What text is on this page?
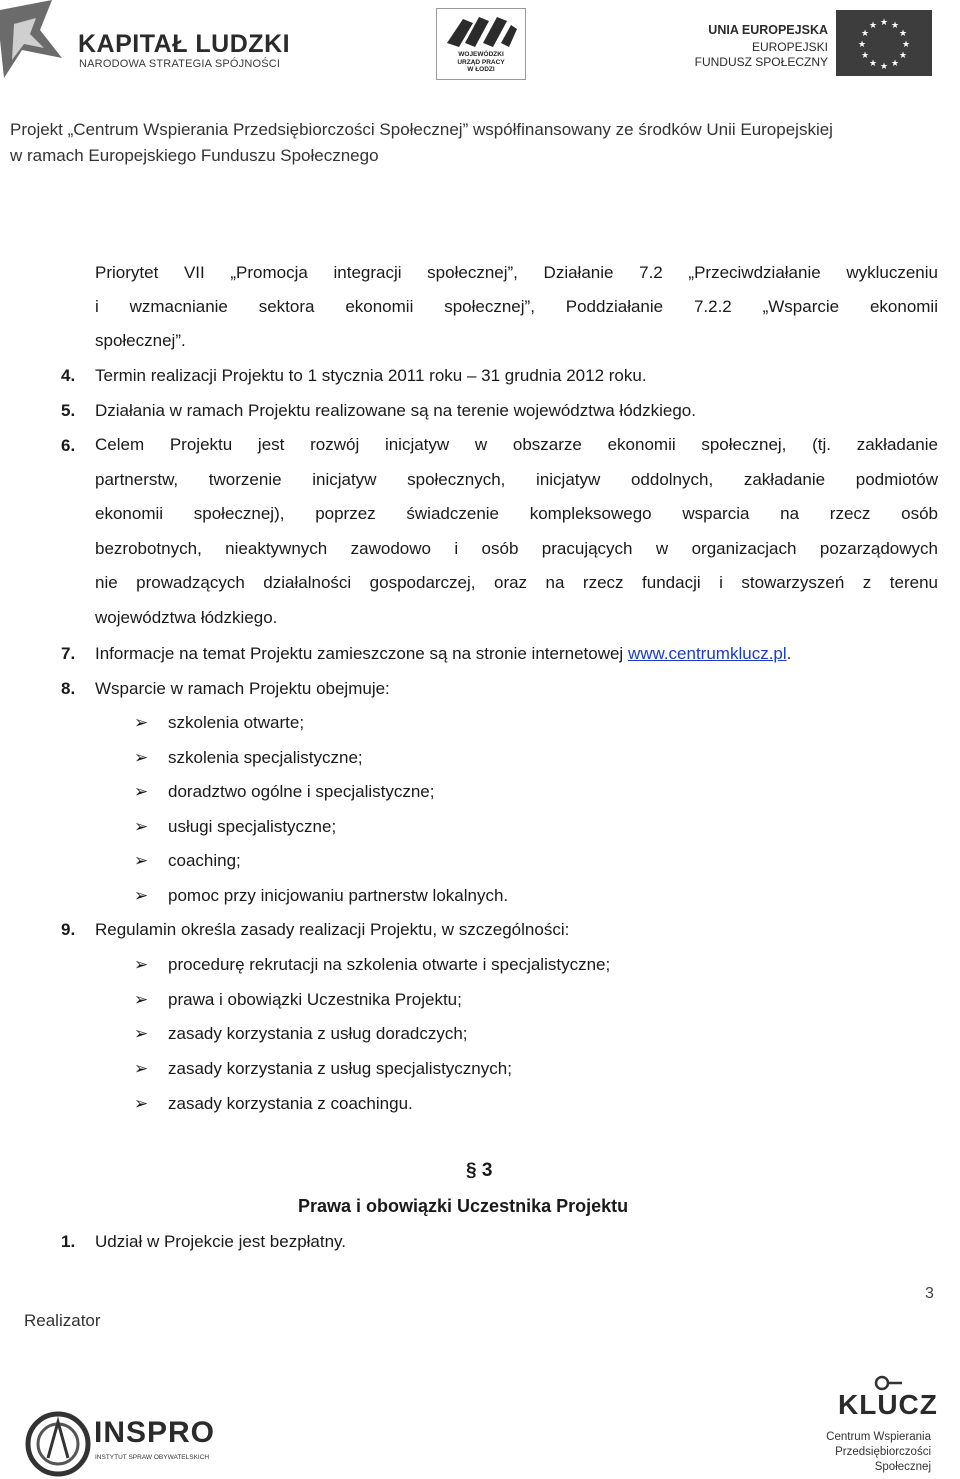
KAPITAŁ LUDZKI
NARODOWA STRATEGIA SPÓJNOŚCI
WOJEWÓDZKI
URZĄD PRACY
W ŁODZI
UNIA EUROPEJSKA
EUROPEJSKI
FUNDUSZ SPOŁECZNY
★ ★
★
★
★
★
★
★
★
★
★
★
Projekt „Centrum Wspierania Przedsiębiorczości Społecznej” współfinansowany ze środków Unii Europejskiej
w ramach Europejskiego Funduszu Społecznego
Priorytet VII „Promocja integracji społecznej”, Działanie 7.2 „Przeciwdziałanie wykluczeniu
i wzmacnianie sektora ekonomii społecznej”, Poddziałanie 7.2.2 „Wsparcie ekonomii
społecznej”.
4. Termin realizacji Projektu to 1 stycznia 2011 roku – 31 grudnia 2012 roku.
5. Działania w ramach Projektu realizowane są na terenie województwa łódzkiego.
6. Celem Projektu jest rozwój inicjatyw w obszarze ekonomii społecznej, (tj. zakładanie
partnerstw, tworzenie inicjatyw społecznych, inicjatyw oddolnych, zakładanie podmiotów
ekonomii społecznej), poprzez świadczenie kompleksowego wsparcia na rzecz osób
bezrobotnych, nieaktywnych zawodowo i osób pracujących w organizacjach pozarządowych
nie prowadzących działalności gospodarczej, oraz na rzecz fundacji i stowarzyszeń z terenu
województwa łódzkiego.
7. Informacje na temat Projektu zamieszczone są na stronie internetowej www.centrumklucz.pl.
8. Wsparcie w ramach Projektu obejmuje:
➢ szkolenia otwarte;
➢ szkolenia specjalistyczne;
➢ doradztwo ogólne i specjalistyczne;
➢ usługi specjalistyczne;
➢ coaching;
➢ pomoc przy inicjowaniu partnerstw lokalnych.
9. Regulamin określa zasady realizacji Projektu, w szczególności:
➢ procedurę rekrutacji na szkolenia otwarte i specjalistyczne;
➢ prawa i obowiązki Uczestnika Projektu;
➢ zasady korzystania z usług doradczych;
➢ zasady korzystania z usług specjalistycznych;
➢ zasady korzystania z coachingu.
§ 3
Prawa i obowiązki Uczestnika Projektu
1. Udział w Projekcie jest bezpłatny.
3
Realizator
INSPRO
INSTYTUT SPRAW OBYWATELSKICH
KLUCZ
Centrum Wspierania
Przedsiębiorczości
Społecznej
